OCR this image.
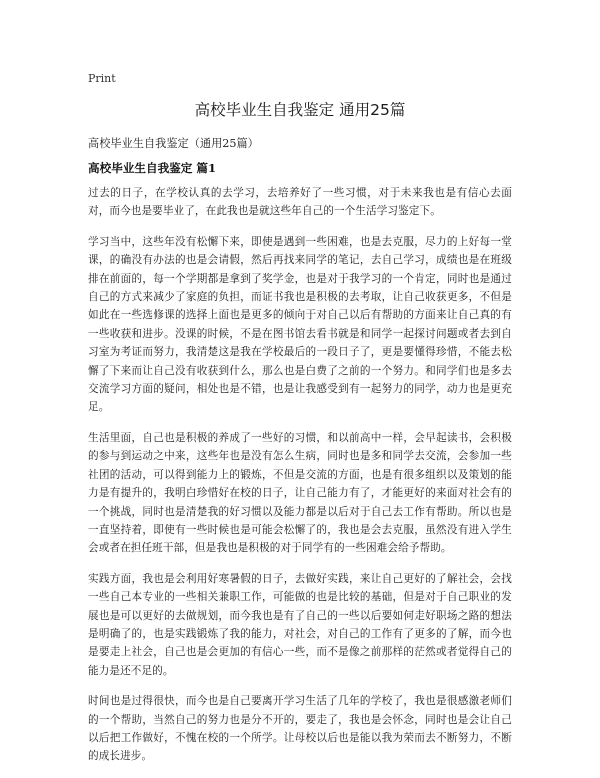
Print
高校毕业生自我鉴定 通用25篇
高校毕业生自我鉴定（通用25篇）
高校毕业生自我鉴定 篇1

过去的日子，在学校认真的去学习，去培养好了一些习惯，对于未来我也是有信心去面对，而今也是要毕业了，在此我也是就这些年自己的一个生活学习鉴定下。

学习当中，这些年没有松懈下来，即使是遇到一些困难，也是去克服，尽力的上好每一堂课，的确没有办法的也是会请假，然后再找来同学的笔记，去自己学习，成绩也是在班级排在前面的，每一个学期都是拿到了奖学金，也是对于我学习的一个肯定，同时也是通过自己的方式来减少了家庭的负担，而证书我也是积极的去考取，让自己收获更多，不但是如此在一些选修课的选择上面也是更多的倾向于对自己以后有帮助的方面来让自己真的有一些收获和进步。没课的时候，不是在图书馆去看书就是和同学一起探讨问题或者去到自习室为考证而努力，我清楚这是我在学校最后的一段日子了，更是要懂得珍惜，不能去松懈了下来而让自己没有收获到什么，那么也是白费了之前的一个努力。和同学们也是多去交流学习方面的疑问，相处也是不错，也是让我感受到有一起努力的同学，动力也是更充足。

生活里面，自己也是积极的养成了一些好的习惯，和以前高中一样，会早起读书，会积极的参与到运动之中来，这些年也是没有怎么生病，同时也是多和同学去交流，会参加一些社团的活动，可以得到能力上的锻炼，不但是交流的方面，也是有很多组织以及策划的能力是有提升的，我明白珍惜好在校的日子，让自己能力有了，才能更好的来面对社会有的一个挑战，同时也是清楚我的好习惯以及能力都是以后对于自己去工作有帮助。所以也是一直坚持着，即使有一些时候也是可能会松懈了的，我也是会去克服，虽然没有进入学生会或者在担任班干部，但是我也是积极的对于同学有的一些困难会给予帮助。

实践方面，我也是会利用好寒暑假的日子，去做好实践，来让自己更好的了解社会，会找一些自己本专业的一些相关兼职工作，可能做的也是比较的基础，但是对于自己职业的发展也是可以更好的去做规划，而今我也是有了自己的一些以后要如何走好职场之路的想法是明确了的，也是实践锻炼了我的能力，对社会，对自己的工作有了更多的了解，而今也是要走上社会，自己也是会更加的有信心一些，而不是像之前那样的茫然或者觉得自己的能力是还不足的。

时间也是过得很快，而今也是自己要离开学习生活了几年的学校了，我也是很感激老师们的一个帮助，当然自己的努力也是分不开的，要走了，我也是会怀念，同时也是会让自己以后把工作做好，不愧在校的一个所学。让母校以后也是能以我为荣而去不断努力，不断的成长进步。
